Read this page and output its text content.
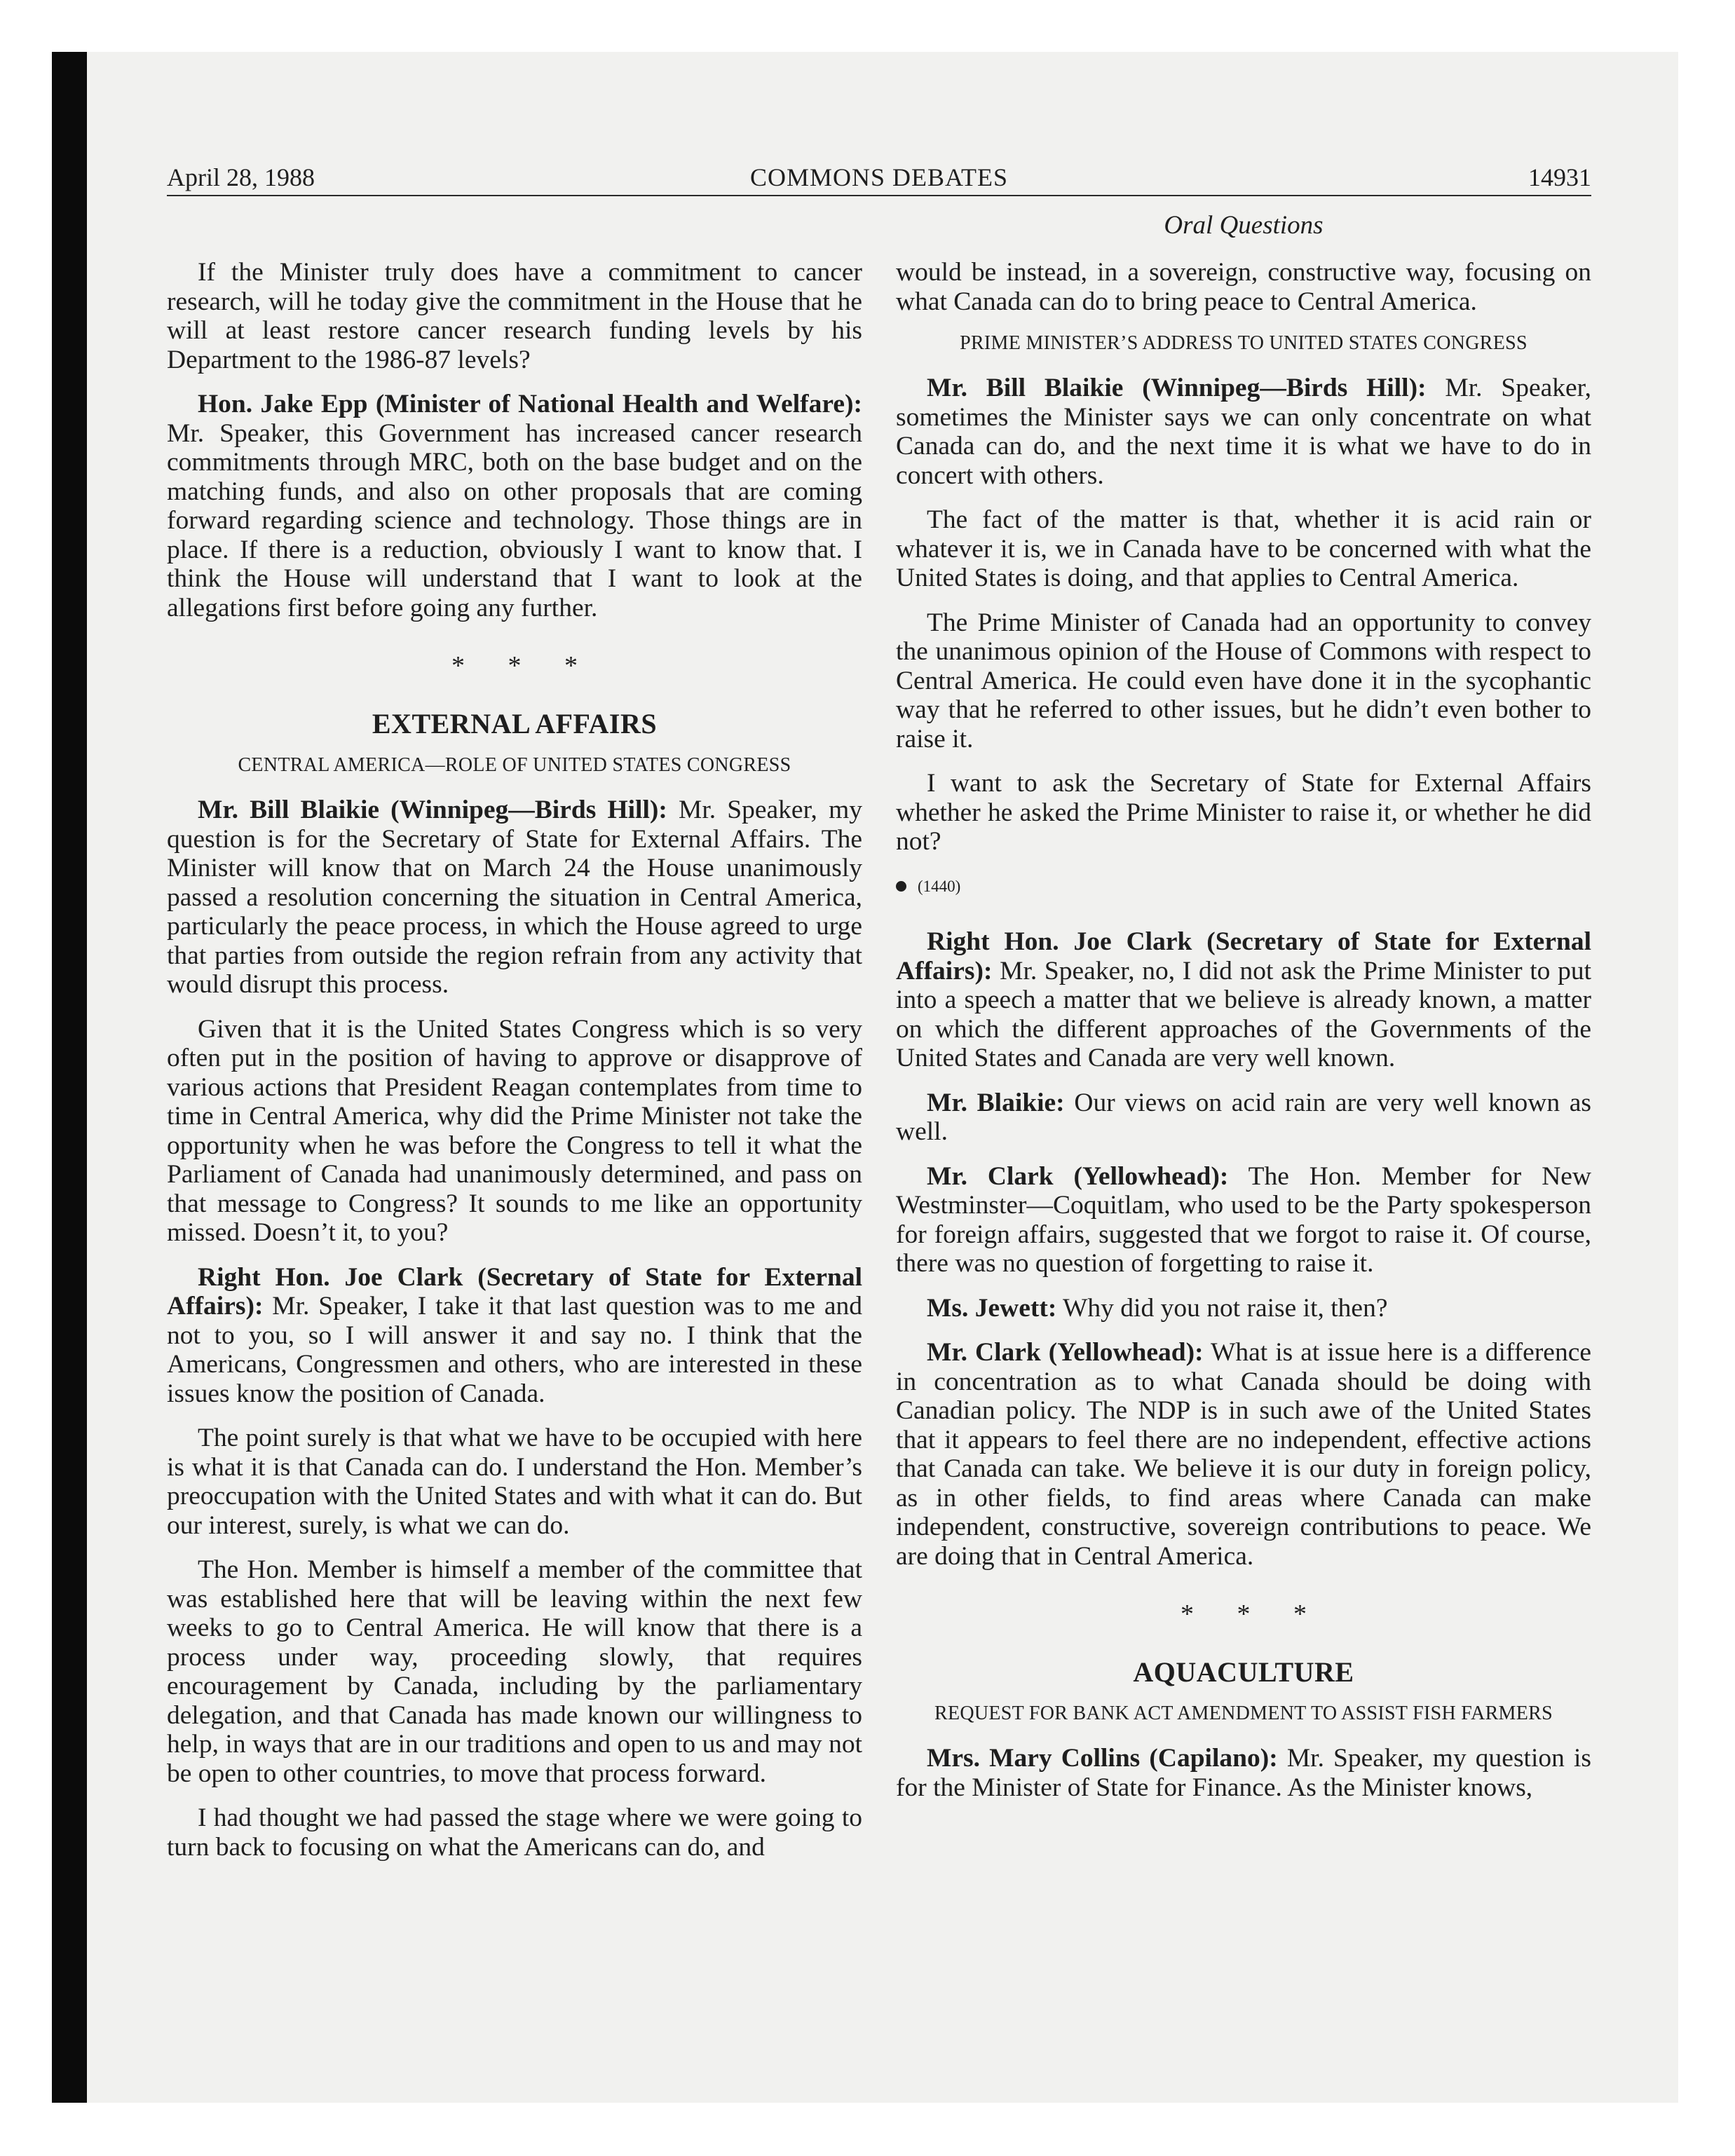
April 28, 1988	COMMONS DEBATES	14931
Oral Questions

If the Minister truly does have a commitment to cancer research, will he today give the commitment in the House that he will at least restore cancer research funding levels by his Department to the 1986-87 levels?

Hon. Jake Epp (Minister of National Health and Welfare): Mr. Speaker, this Government has increased cancer research commitments through MRC, both on the base budget and on the matching funds, and also on other proposals that are coming forward regarding science and technology. Those things are in place. If there is a reduction, obviously I want to know that. I think the House will understand that I want to look at the allegations first before going any further.

* * *
EXTERNAL AFFAIRS
CENTRAL AMERICA—ROLE OF UNITED STATES CONGRESS

Mr. Bill Blaikie (Winnipeg—Birds Hill): Mr. Speaker, my question is for the Secretary of State for External Affairs. The Minister will know that on March 24 the House unanimously passed a resolution concerning the situation in Central America, particularly the peace process, in which the House agreed to urge that parties from outside the region refrain from any activity that would disrupt this process.

Given that it is the United States Congress which is so very often put in the position of having to approve or disapprove of various actions that President Reagan contemplates from time to time in Central America, why did the Prime Minister not take the opportunity when he was before the Congress to tell it what the Parliament of Canada had unanimously determined, and pass on that message to Congress? It sounds to me like an opportunity missed. Doesn’t it, to you?

Right Hon. Joe Clark (Secretary of State for External Affairs): Mr. Speaker, I take it that last question was to me and not to you, so I will answer it and say no. I think that the Americans, Congressmen and others, who are interested in these issues know the position of Canada.

The point surely is that what we have to be occupied with here is what it is that Canada can do. I understand the Hon. Member’s preoccupation with the United States and with what it can do. But our interest, surely, is what we can do.

The Hon. Member is himself a member of the committee that was established here that will be leaving within the next few weeks to go to Central America. He will know that there is a process under way, proceeding slowly, that requires encouragement by Canada, including by the parliamentary delegation, and that Canada has made known our willingness to help, in ways that are in our traditions and open to us and may not be open to other countries, to move that process forward.

I had thought we had passed the stage where we were going to turn back to focusing on what the Americans can do, and

would be instead, in a sovereign, constructive way, focusing on what Canada can do to bring peace to Central America.

PRIME MINISTER’S ADDRESS TO UNITED STATES CONGRESS

Mr. Bill Blaikie (Winnipeg—Birds Hill): Mr. Speaker, sometimes the Minister says we can only concentrate on what Canada can do, and the next time it is what we have to do in concert with others.

The fact of the matter is that, whether it is acid rain or whatever it is, we in Canada have to be concerned with what the United States is doing, and that applies to Central America.

The Prime Minister of Canada had an opportunity to convey the unanimous opinion of the House of Commons with respect to Central America. He could even have done it in the sycophantic way that he referred to other issues, but he didn’t even bother to raise it.

I want to ask the Secretary of State for External Affairs whether he asked the Prime Minister to raise it, or whether he did not?

(1440)

Right Hon. Joe Clark (Secretary of State for External Affairs): Mr. Speaker, no, I did not ask the Prime Minister to put into a speech a matter that we believe is already known, a matter on which the different approaches of the Governments of the United States and Canada are very well known.

Mr. Blaikie: Our views on acid rain are very well known as well.

Mr. Clark (Yellowhead): The Hon. Member for New Westminster—Coquitlam, who used to be the Party spokesperson for foreign affairs, suggested that we forgot to raise it. Of course, there was no question of forgetting to raise it.

Ms. Jewett: Why did you not raise it, then?

Mr. Clark (Yellowhead): What is at issue here is a difference in concentration as to what Canada should be doing with Canadian policy. The NDP is in such awe of the United States that it appears to feel there are no independent, effective actions that Canada can take. We believe it is our duty in foreign policy, as in other fields, to find areas where Canada can make independent, constructive, sovereign contributions to peace. We are doing that in Central America.

* * *
AQUACULTURE
REQUEST FOR BANK ACT AMENDMENT TO ASSIST FISH FARMERS

Mrs. Mary Collins (Capilano): Mr. Speaker, my question is for the Minister of State for Finance. As the Minister knows,
